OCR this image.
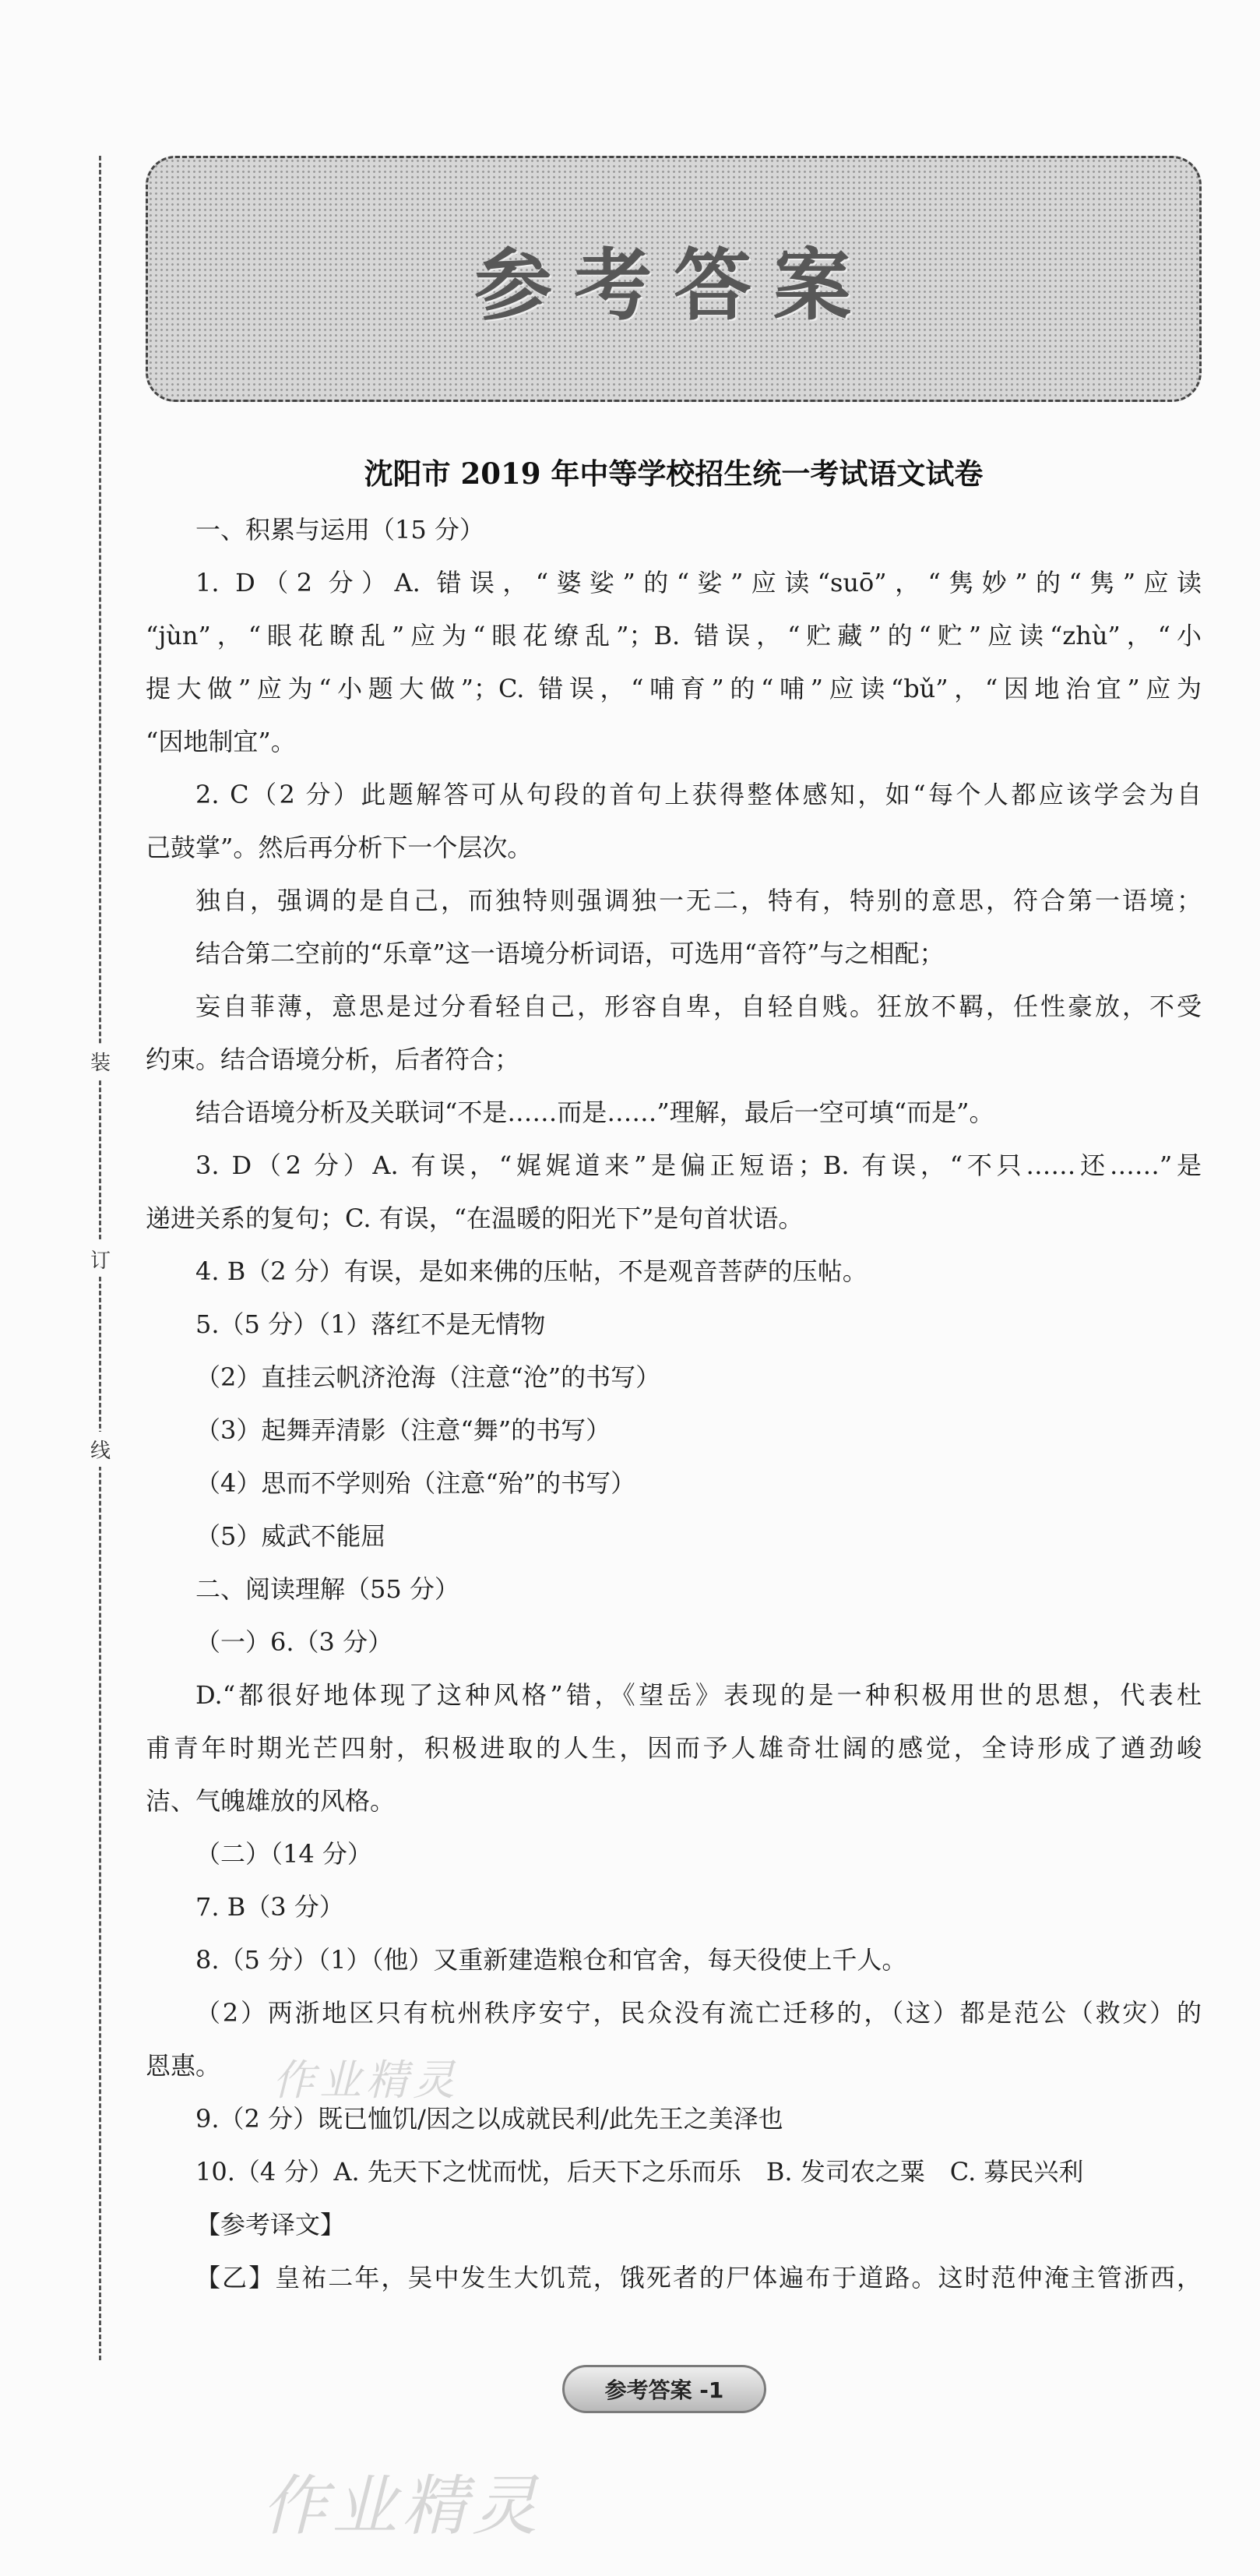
装
订
线
参考答案
沈阳市 2019 年中等学校招生统一考试语文试卷
一、积累与运用（15 分）
1. D（2 分）A. 错误，“婆娑”的“娑”应读“suō”，“隽妙”的“隽”应读
“jùn”，“眼花瞭乱”应为“眼花缭乱”；B. 错误，“贮藏”的“贮”应读“zhù”，“小
提大做”应为“小题大做”；C. 错误，“哺育”的“哺”应读“bǔ”，“因地治宜”应为
“因地制宜”。
2. C（2 分）此题解答可从句段的首句上获得整体感知，如“每个人都应该学会为自
己鼓掌”。然后再分析下一个层次。
独自，强调的是自己，而独特则强调独一无二，特有，特别的意思，符合第一语境；
结合第二空前的“乐章”这一语境分析词语，可选用“音符”与之相配；
妄自菲薄，意思是过分看轻自己，形容自卑，自轻自贱。狂放不羁，任性豪放，不受
约束。结合语境分析，后者符合；
结合语境分析及关联词“不是……而是……”理解，最后一空可填“而是”。
3. D（2 分）A. 有误，“娓娓道来”是偏正短语；B. 有误，“不只……还……”是
递进关系的复句；C. 有误，“在温暖的阳光下”是句首状语。
4. B（2 分）有误，是如来佛的压帖，不是观音菩萨的压帖。
5.（5 分）（1）落红不是无情物
（2）直挂云帆济沧海（注意“沧”的书写）
（3）起舞弄清影（注意“舞”的书写）
（4）思而不学则殆（注意“殆”的书写）
（5）威武不能屈
二、阅读理解（55 分）
（一）6.（3 分）
D.“都很好地体现了这种风格”错，《望岳》表现的是一种积极用世的思想，代表杜
甫青年时期光芒四射，积极进取的人生，因而予人雄奇壮阔的感觉，全诗形成了遒劲峻
洁、气魄雄放的风格。
（二）（14 分）
7. B（3 分）
8.（5 分）（1）（他）又重新建造粮仓和官舍，每天役使上千人。
（2）两浙地区只有杭州秩序安宁，民众没有流亡迁移的，（这）都是范公（救灾）的
恩惠。
9.（2 分）既已恤饥/因之以成就民利/此先王之美泽也
10.（4 分）A. 先天下之忧而忧，后天下之乐而乐　B. 发司农之粟　C. 募民兴利
【参考译文】
【乙】皇祐二年，吴中发生大饥荒，饿死者的尸体遍布于道路。这时范仲淹主管浙西，
作业精灵
作业精灵
参考答案 -1
